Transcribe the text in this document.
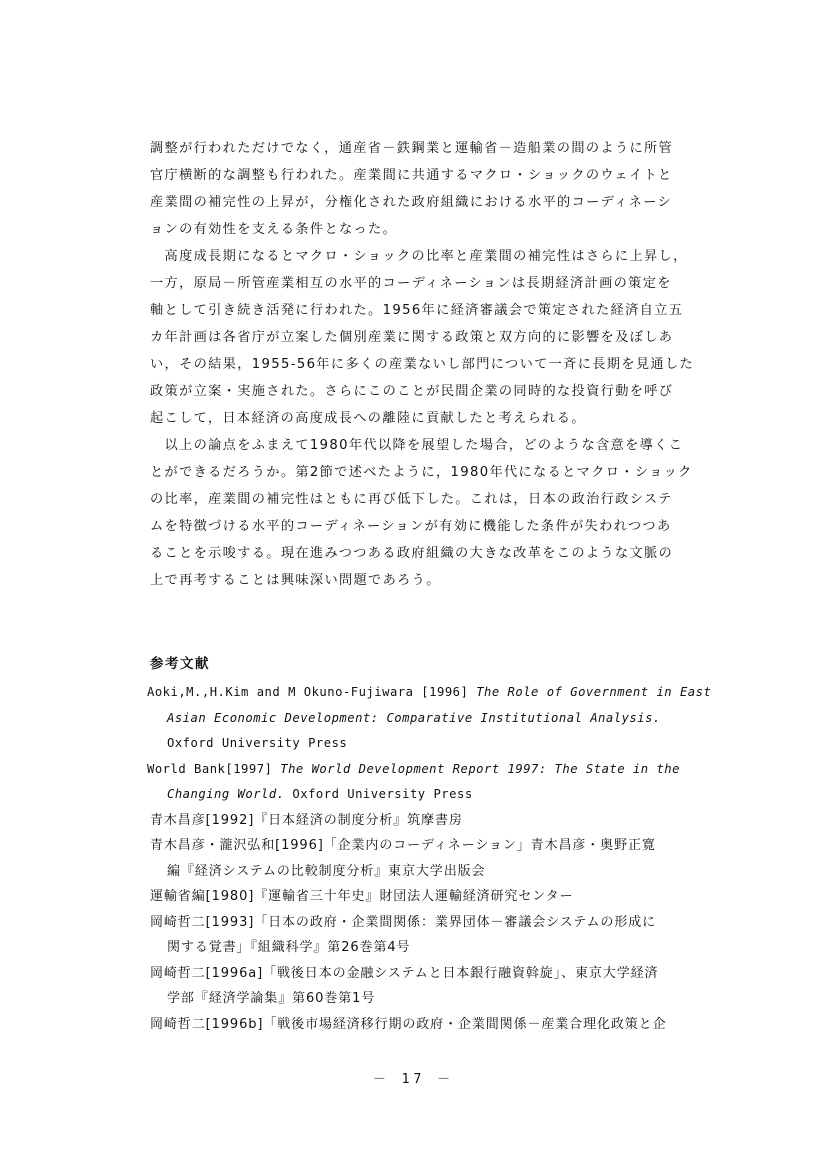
調整が行われただけでなく，通産省－鉄鋼業と運輸省－造船業の間のように所管
官庁横断的な調整も行われた。産業間に共通するマクロ・ショックのウェイトと
産業間の補完性の上昇が，分権化された政府組織における水平的コーディネーシ
ョンの有効性を支える条件となった。
　高度成長期になるとマクロ・ショックの比率と産業間の補完性はさらに上昇し，
一方，原局－所管産業相互の水平的コーディネーションは長期経済計画の策定を
軸として引き続き活発に行われた。1956年に経済審議会で策定された経済自立五
カ年計画は各省庁が立案した個別産業に関する政策と双方向的に影響を及ぼしあ
い，その結果，1955-56年に多くの産業ないし部門について一斉に長期を見通した
政策が立案・実施された。さらにこのことが民間企業の同時的な投資行動を呼び
起こして，日本経済の高度成長への離陸に貢献したと考えられる。
　以上の論点をふまえて1980年代以降を展望した場合，どのような含意を導くこ
とができるだろうか。第2節で述べたように，1980年代になるとマクロ・ショック
の比率，産業間の補完性はともに再び低下した。これは，日本の政治行政システ
ムを特徴づける水平的コーディネーションが有効に機能した条件が失われつつあ
ることを示唆する。現在進みつつある政府組織の大きな改革をこのような文脈の
上で再考することは興味深い問題であろう。
参考文献
Aoki,M.,H.Kim and M Okuno-Fujiwara [1996] The Role of Government in East
Asian Economic Development: Comparative Institutional Analysis.
Oxford University Press
World Bank[1997] The World Development Report 1997: The State in the
Changing World. Oxford University Press
青木昌彦[1992]『日本経済の制度分析』筑摩書房
青木昌彦・瀧沢弘和[1996]「企業内のコーディネーション」青木昌彦・奥野正寛
編『経済システムの比較制度分析』東京大学出版会
運輸省編[1980]『運輸省三十年史』財団法人運輸経済研究センター
岡崎哲二[1993]「日本の政府・企業間関係：業界団体－審議会システムの形成に
関する覚書」『組織科学』第26巻第4号
岡崎哲二[1996a]「戦後日本の金融システムと日本銀行融資斡旋」、東京大学経済
学部『経済学論集』第60巻第1号
岡崎哲二[1996b]「戦後市場経済移行期の政府・企業間関係－産業合理化政策と企
－ 17 －
